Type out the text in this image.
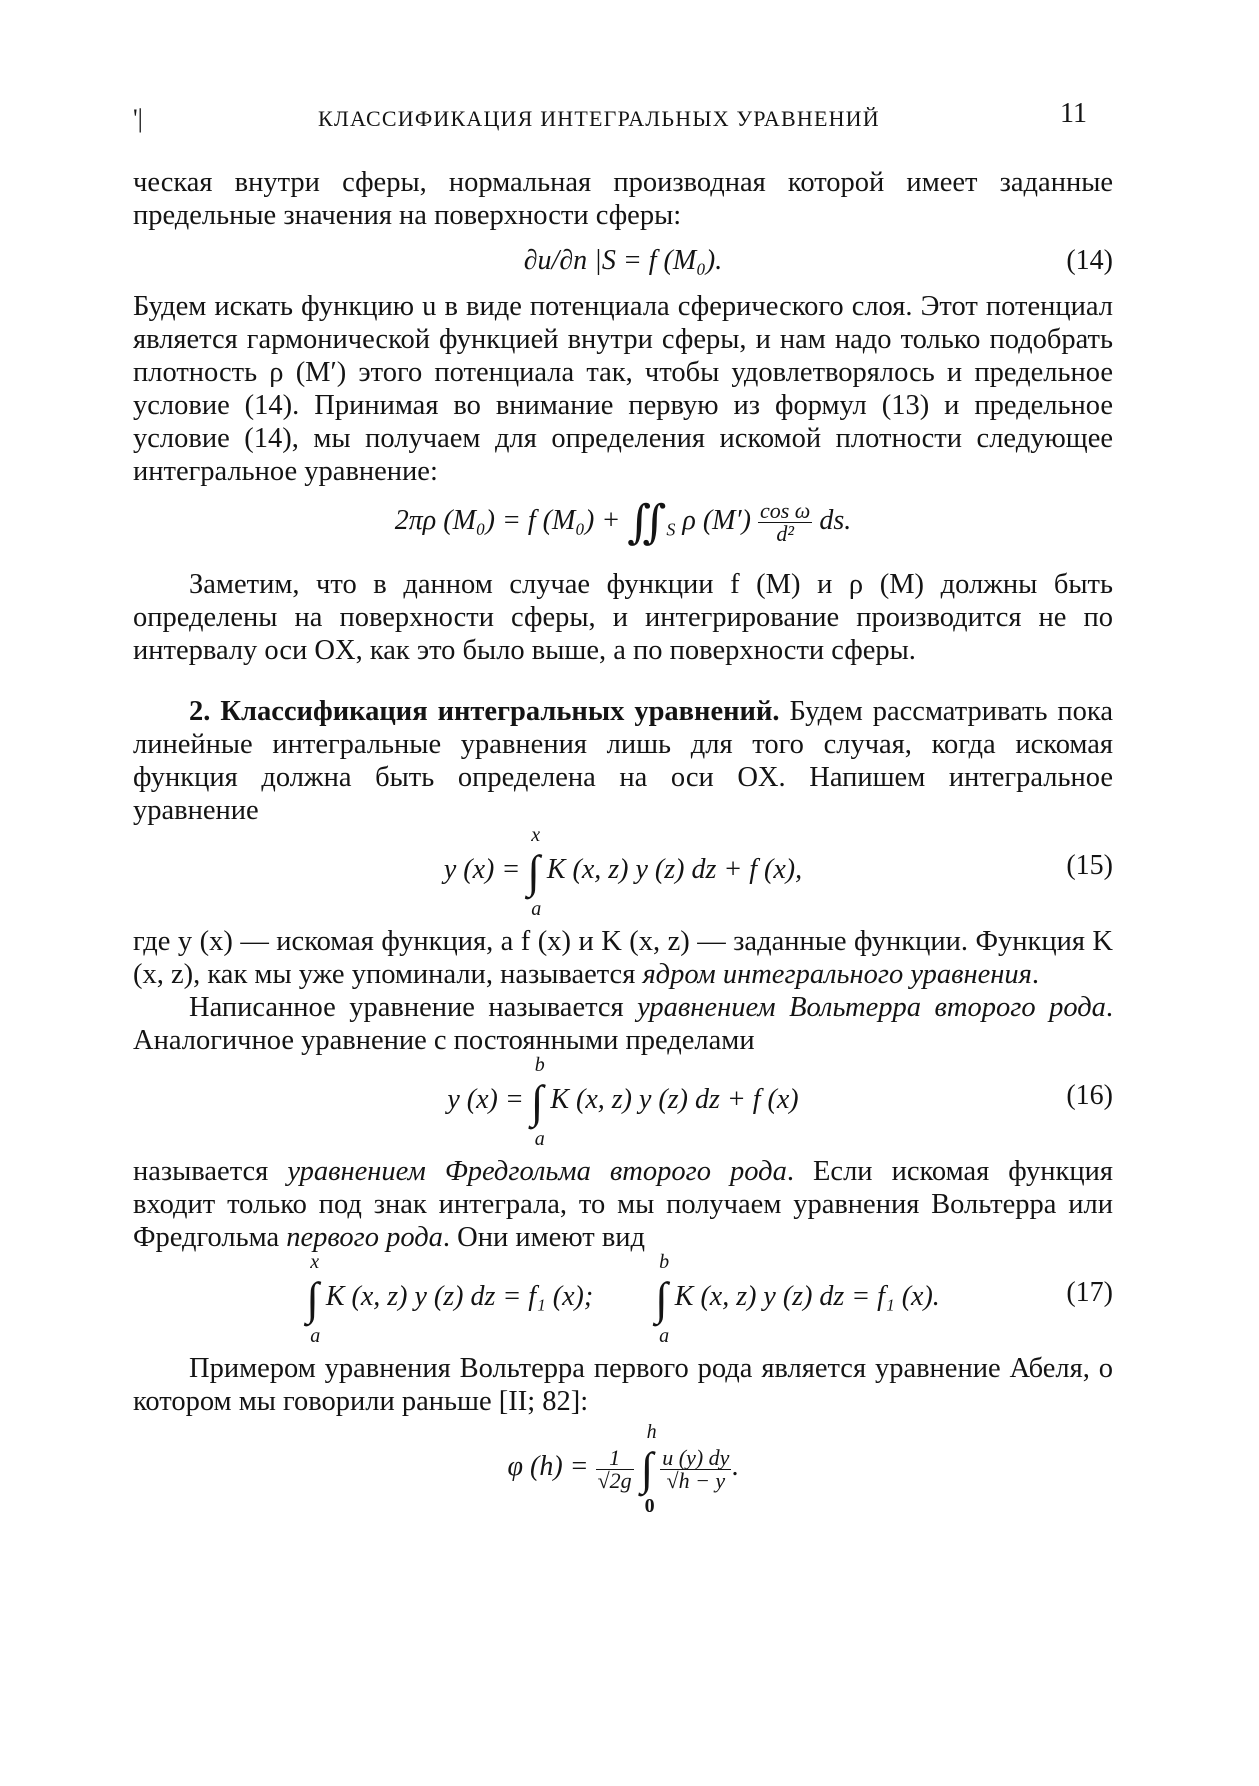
'|	КЛАССИФИКАЦИЯ ИНТЕГРАЛЬНЫХ УРАВНЕНИЙ	11

ческая внутри сферы, нормальная производная которой имеет заданные предельные значения на поверхности сферы:

∂u/∂n |S = f (M₀).	(14)

Будем искать функцию u в виде потенциала сферического слоя. Этот потенциал является гармонической функцией внутри сферы, и нам надо только подобрать плотность ρ (M′) этого потенциала так, чтобы удовлетворялось и предельное условие (14). Принимая во внимание первую из формул (13) и предельное условие (14), мы получаем для определения искомой плотности следующее интегральное уравнение:

2πρ (M₀) = f $(M_0) + ∬_S$ ρ $(M') \frac{\text{cos ω}}{\text{d²}}$ ds.

Заметим, что в данном случае функции f (M) и ρ (M) должны быть определены на поверхности сферы, и интегрирование производится не по интервалу оси OX, как это было выше, а по поверхности сферы.

2. Классификация интегральных уравнений. Будем рассматривать пока линейные интегральные уравнения лишь для того случая, когда искомая функция должна быть определена на оси OX. Напишем интегральное уравнение

y (x) =
x
∫
a
K (x, z) y (z) dz + f (x),	(15)

где y (x) — искомая функция, а f (x) и K (x, z) — заданные функции. Функция K (x, z), как мы уже упоминали, называется ядром интегрального уравнения.

Написанное уравнение называется уравнением Вольтерра второго рода. Аналогичное уравнение с постоянными пределами

y (x) =
b
∫
a
K (x, z) y (z) dz + f (x)	(16)

называется уравнением Фредгольма второго рода. Если искомая функция входит только под знак интеграла, то мы получаем уравнения Вольтерра или Фредгольма первого рода. Они имеют вид

x
∫
a
K (x, z) y (z) dz = f₁ (x);
b
∫
a
K (x, z) y (z) dz = f₁ (x).	(17)

Примером уравнения Вольтерра первого рода является уравнение Абеля, о котором мы говорили раньше [II; 82]:

φ $(h) = \frac{1}{√2g}$

h
∫
0

$\frac{u (y) dy}{√h - y}$ .
